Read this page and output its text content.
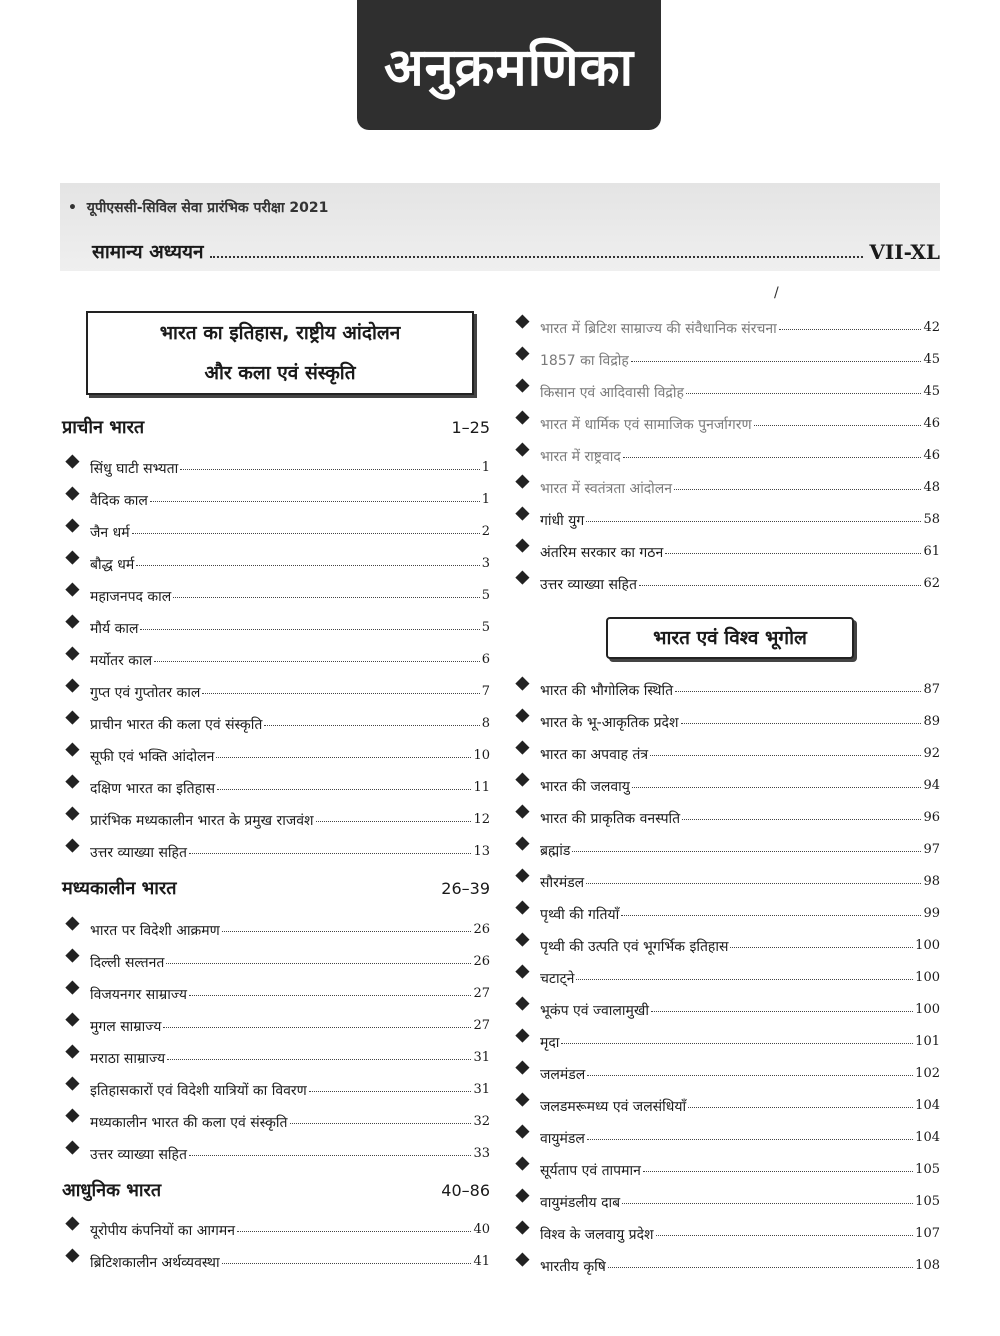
अनुक्रमणिका
•  यूपीएससी-सिविल सेवा प्रारंभिक परीक्षा 2021
सामान्य अध्ययन	VII-XL
/
भारत का इतिहास, राष्ट्रीय आंदोलन
और कला एवं संस्कृति
प्राचीन भारत	1–25
सिंधु घाटी सभ्यता	1
वैदिक काल	1
जैन धर्म	2
बौद्ध धर्म	3
महाजनपद काल	5
मौर्य काल	5
मर्योतर काल	6
गुप्त एवं गुप्तोतर काल	7
प्राचीन भारत की कला एवं संस्कृति	8
सूफी एवं भक्ति आंदोलन	10
दक्षिण भारत का इतिहास	11
प्रारंभिक मध्यकालीन भारत के प्रमुख राजवंश	12
उत्तर व्याख्या सहित	13
मध्यकालीन भारत	26–39
भारत पर विदेशी आक्रमण	26
दिल्ली सल्तनत	26
विजयनगर साम्राज्य	27
मुगल साम्राज्य	27
मराठा साम्राज्य	31
इतिहासकारों एवं विदेशी यात्रियों का विवरण	31
मध्यकालीन भारत की कला एवं संस्कृति	32
उत्तर व्याख्या सहित	33
आधुनिक भारत	40–86
यूरोपीय कंपनियों का आगमन	40
ब्रिटिशकालीन अर्थव्यवस्था	41
भारत में ब्रिटिश साम्राज्य की संवैधानिक संरचना	42
1857 का विद्रोह	45
किसान एवं आदिवासी विद्रोह	45
भारत में धार्मिक एवं सामाजिक पुनर्जागरण	46
भारत में राष्ट्रवाद	46
भारत में स्वतंत्रता आंदोलन	48
गांधी युग	58
अंतरिम सरकार का गठन	61
उत्तर व्याख्या सहित	62
भारत एवं विश्व भूगोल
भारत की भौगोलिक स्थिति	87
भारत के भू-आकृतिक प्रदेश	89
भारत का अपवाह तंत्र	92
भारत की जलवायु	94
भारत की प्राकृतिक वनस्पति	96
ब्रह्मांड	97
सौरमंडल	98
पृथ्वी की गतियाँ	99
पृथ्वी की उत्पति एवं भूगर्भिक इतिहास	100
चटाट्ने	100
भूकंप एवं ज्वालामुखी	100
मृदा	101
जलमंडल	102
जलडमरूमध्य एवं जलसंधियाँ	104
वायुमंडल	104
सूर्यताप एवं तापमान	105
वायुमंडलीय दाब	105
विश्व के जलवायु प्रदेश	107
भारतीय कृषि	108
